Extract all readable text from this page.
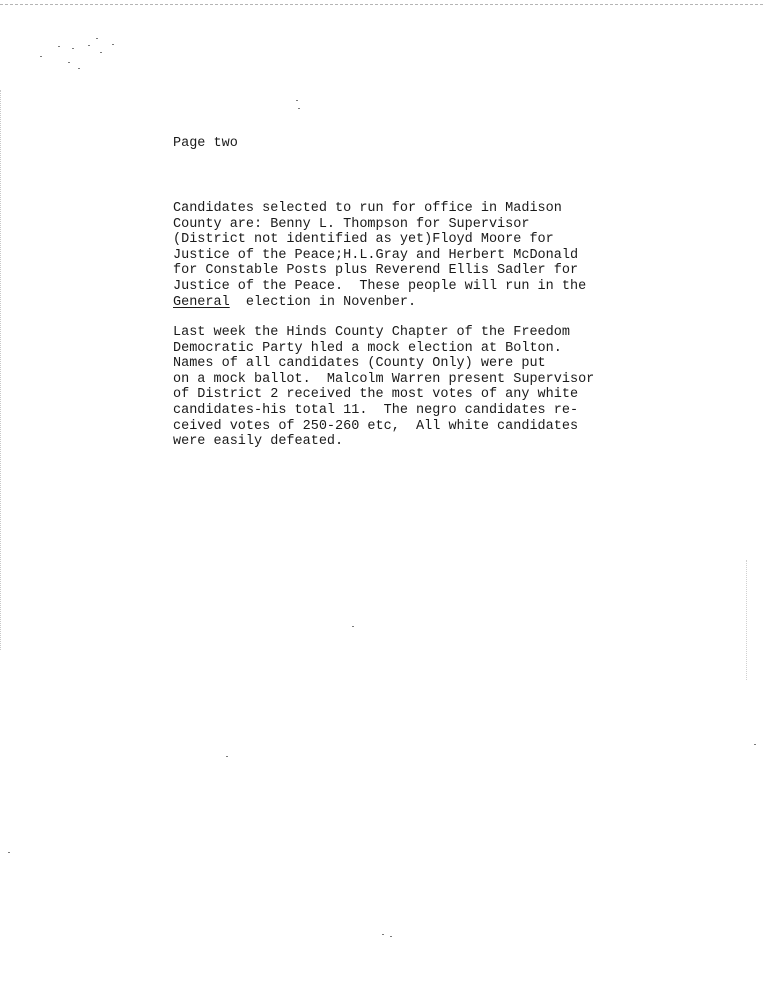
Page two

Candidates selected to run for office in Madison
County are: Benny L. Thompson for Supervisor
(District not identified as yet)Floyd Moore for
Justice of the Peace;H.L.Gray and Herbert McDonald
for Constable Posts plus Reverend Ellis Sadler for
Justice of the Peace.  These people will run in the
General  election in Novenber.

Last week the Hinds County Chapter of the Freedom
Democratic Party hled a mock election at Bolton.
Names of all candidates (County Only) were put
on a mock ballot.  Malcolm Warren present Supervisor
of District 2 received the most votes of any white
candidates-his total 11.  The negro candidates re-
ceived votes of 250-260 etc,  All white candidates
were easily defeated.
